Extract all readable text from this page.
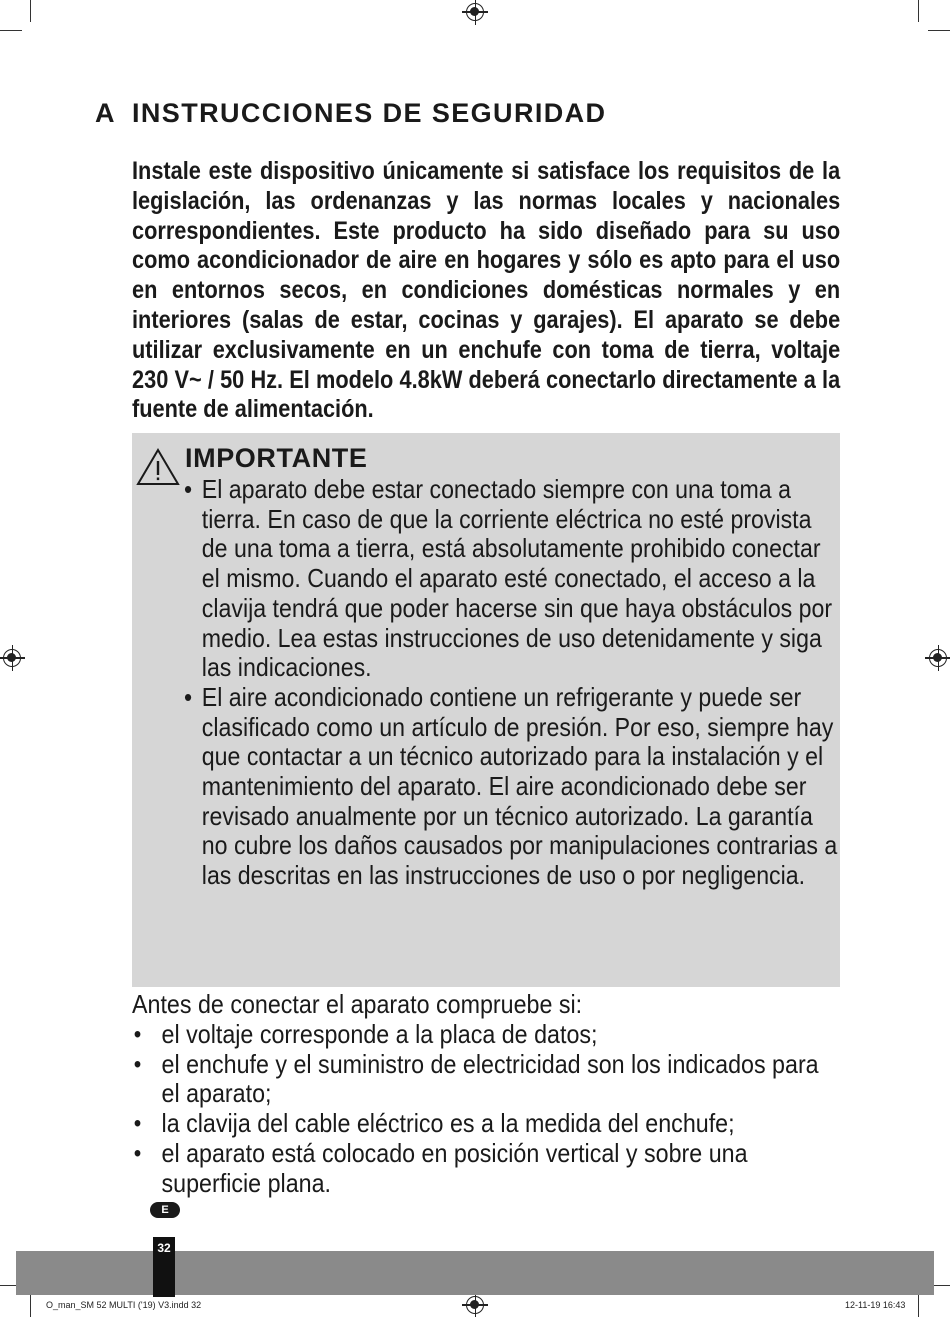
A INSTRUCCIONES DE SEGURIDAD

Instale este dispositivo únicamente si satisface los requisitos de la legislación, las ordenanzas y las normas locales y nacionales correspondientes. Este producto ha sido diseñado para su uso como acondicionador de aire en hogares y sólo es apto para el uso en entornos secos, en condiciones domésticas normales y en interiores (salas de estar, cocinas y garajes). El aparato se debe utilizar exclusivamente en un enchufe con toma de tierra, voltaje 230 V~ / 50 Hz. El modelo 4.8kW deberá conectarlo directamente a la fuente de alimentación.

IMPORTANTE
• El aparato debe estar conectado siempre con una toma a tierra. En caso de que la corriente eléctrica no esté provista de una toma a tierra, está absolutamente prohibido conectar el mismo. Cuando el aparato esté conectado, el acceso a la clavija tendrá que poder hacerse sin que haya obstáculos por medio. Lea estas instrucciones de uso detenidamente y siga las indicaciones.
• El aire acondicionado contiene un refrigerante y puede ser clasificado como un artículo de presión. Por eso, siempre hay que contactar a un técnico autorizado para la instalación y el mantenimiento del aparato. El aire acondicionado debe ser revisado anualmente por un técnico autorizado. La garantía no cubre los daños causados por manipulaciones contrarias a las descritas en las instrucciones de uso o por negligencia.
Antes de conectar el aparato compruebe si:
• el voltaje corresponde a la placa de datos;
• el enchufe y el suministro de electricidad son los indicados para el aparato;
• la clavija del cable eléctrico es a la medida del enchufe;
• el aparato está colocado en posición vertical y sobre una superficie plana.
E
32
O_man_SM 52 MULTI ('19) V3.indd 32	12-11-19 16:43
